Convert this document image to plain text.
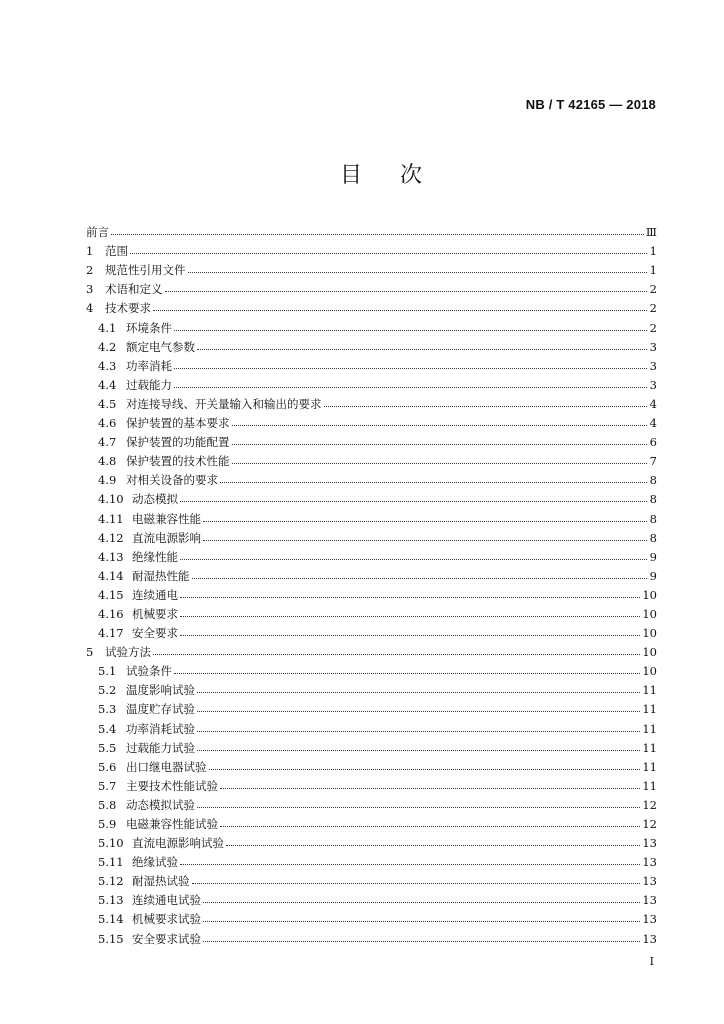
NB / T 42165 — 2018
目次
前言	Ⅲ
1	范围	1
2	规范性引用文件	1
3	术语和定义	2
4	技术要求	2
4.1 环境条件	2
4.2 额定电气参数	3
4.3 功率消耗	3
4.4 过载能力	3
4.5 对连接导线、开关量输入和输出的要求	4
4.6 保护装置的基本要求	4
4.7 保护装置的功能配置	6
4.8 保护装置的技术性能	7
4.9 对相关设备的要求	8
4.10 动态模拟	8
4.11 电磁兼容性能	8
4.12 直流电源影响	8
4.13 绝缘性能	9
4.14 耐湿热性能	9
4.15 连续通电	10
4.16 机械要求	10
4.17 安全要求	10
5	试验方法	10
5.1 试验条件	10
5.2 温度影响试验	11
5.3 温度贮存试验	11
5.4 功率消耗试验	11
5.5 过载能力试验	11
5.6 出口继电器试验	11
5.7 主要技术性能试验	11
5.8 动态模拟试验	12
5.9 电磁兼容性能试验	12
5.10 直流电源影响试验	13
5.11 绝缘试验	13
5.12 耐湿热试验	13
5.13 连续通电试验	13
5.14 机械要求试验	13
5.15 安全要求试验	13
I
